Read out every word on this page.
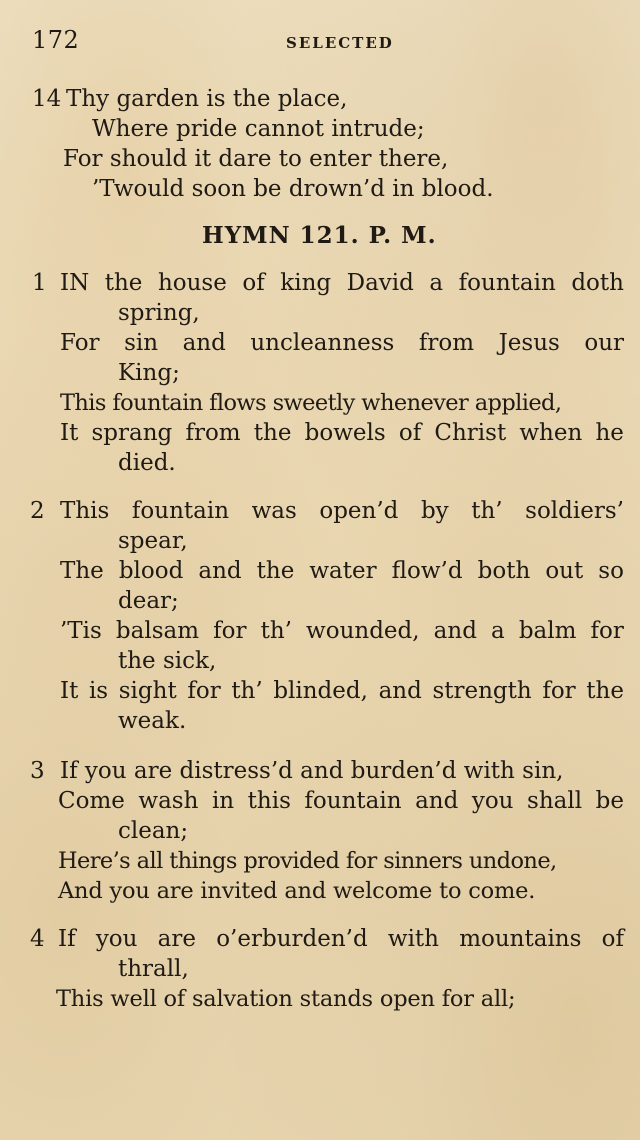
172	SELECTED
14 Thy garden is the place,
Where pride cannot intrude;
For should it dare to enter there,
’Twould soon be drown’d in blood.
HYMN 121. P. M.
1 IN the house of king David a fountain doth
spring,
For sin and uncleanness from Jesus our
King;
This fountain flows sweetly whenever applied,
It sprang from the bowels of Christ when he
died.
2 This fountain was open’d by th’ soldiers’
spear,
The blood and the water flow’d both out so
dear;
’Tis balsam for th’ wounded, and a balm for
the sick,
It is sight for th’ blinded, and strength for the
weak.
3 If you are distress’d and burden’d with sin,
Come wash in this fountain and you shall be
clean;
Here’s all things provided for sinners undone,
And you are invited and welcome to come.
4 If you are o’erburden’d with mountains of
thrall,
This well of salvation stands open for all;
